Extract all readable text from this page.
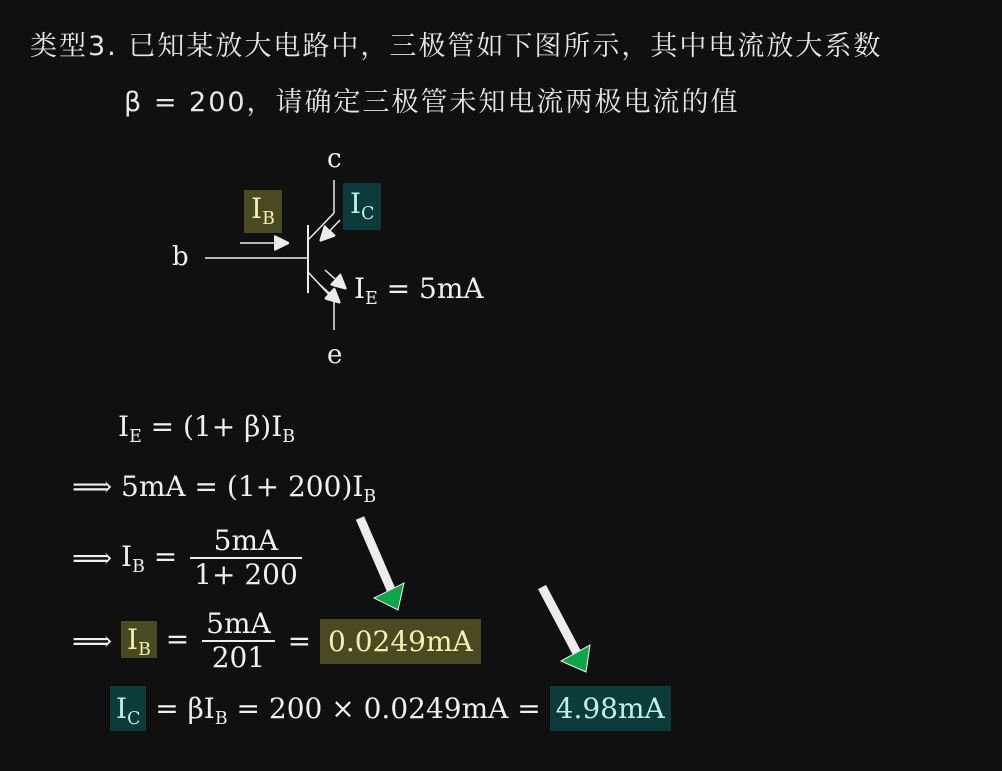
类型3. 已知某放大电路中，三极管如下图所示，其中电流放大系数
β = 200，请确定三极管未知电流两极电流的值
c
b
e
$I_B$	$I_C$
$I_E = 5mA$
$I_E = (1+ \beta)I_B$
⟹ $5mA = (1+ 200)I_B$
⟹ $I_B = \frac{5mA}{1+ 200}$
⟹ $I_B = \frac{5mA}{201} = 0.0249mA$
$I_C = \beta I_B = 200 \times 0.0249mA = 4.98mA$
